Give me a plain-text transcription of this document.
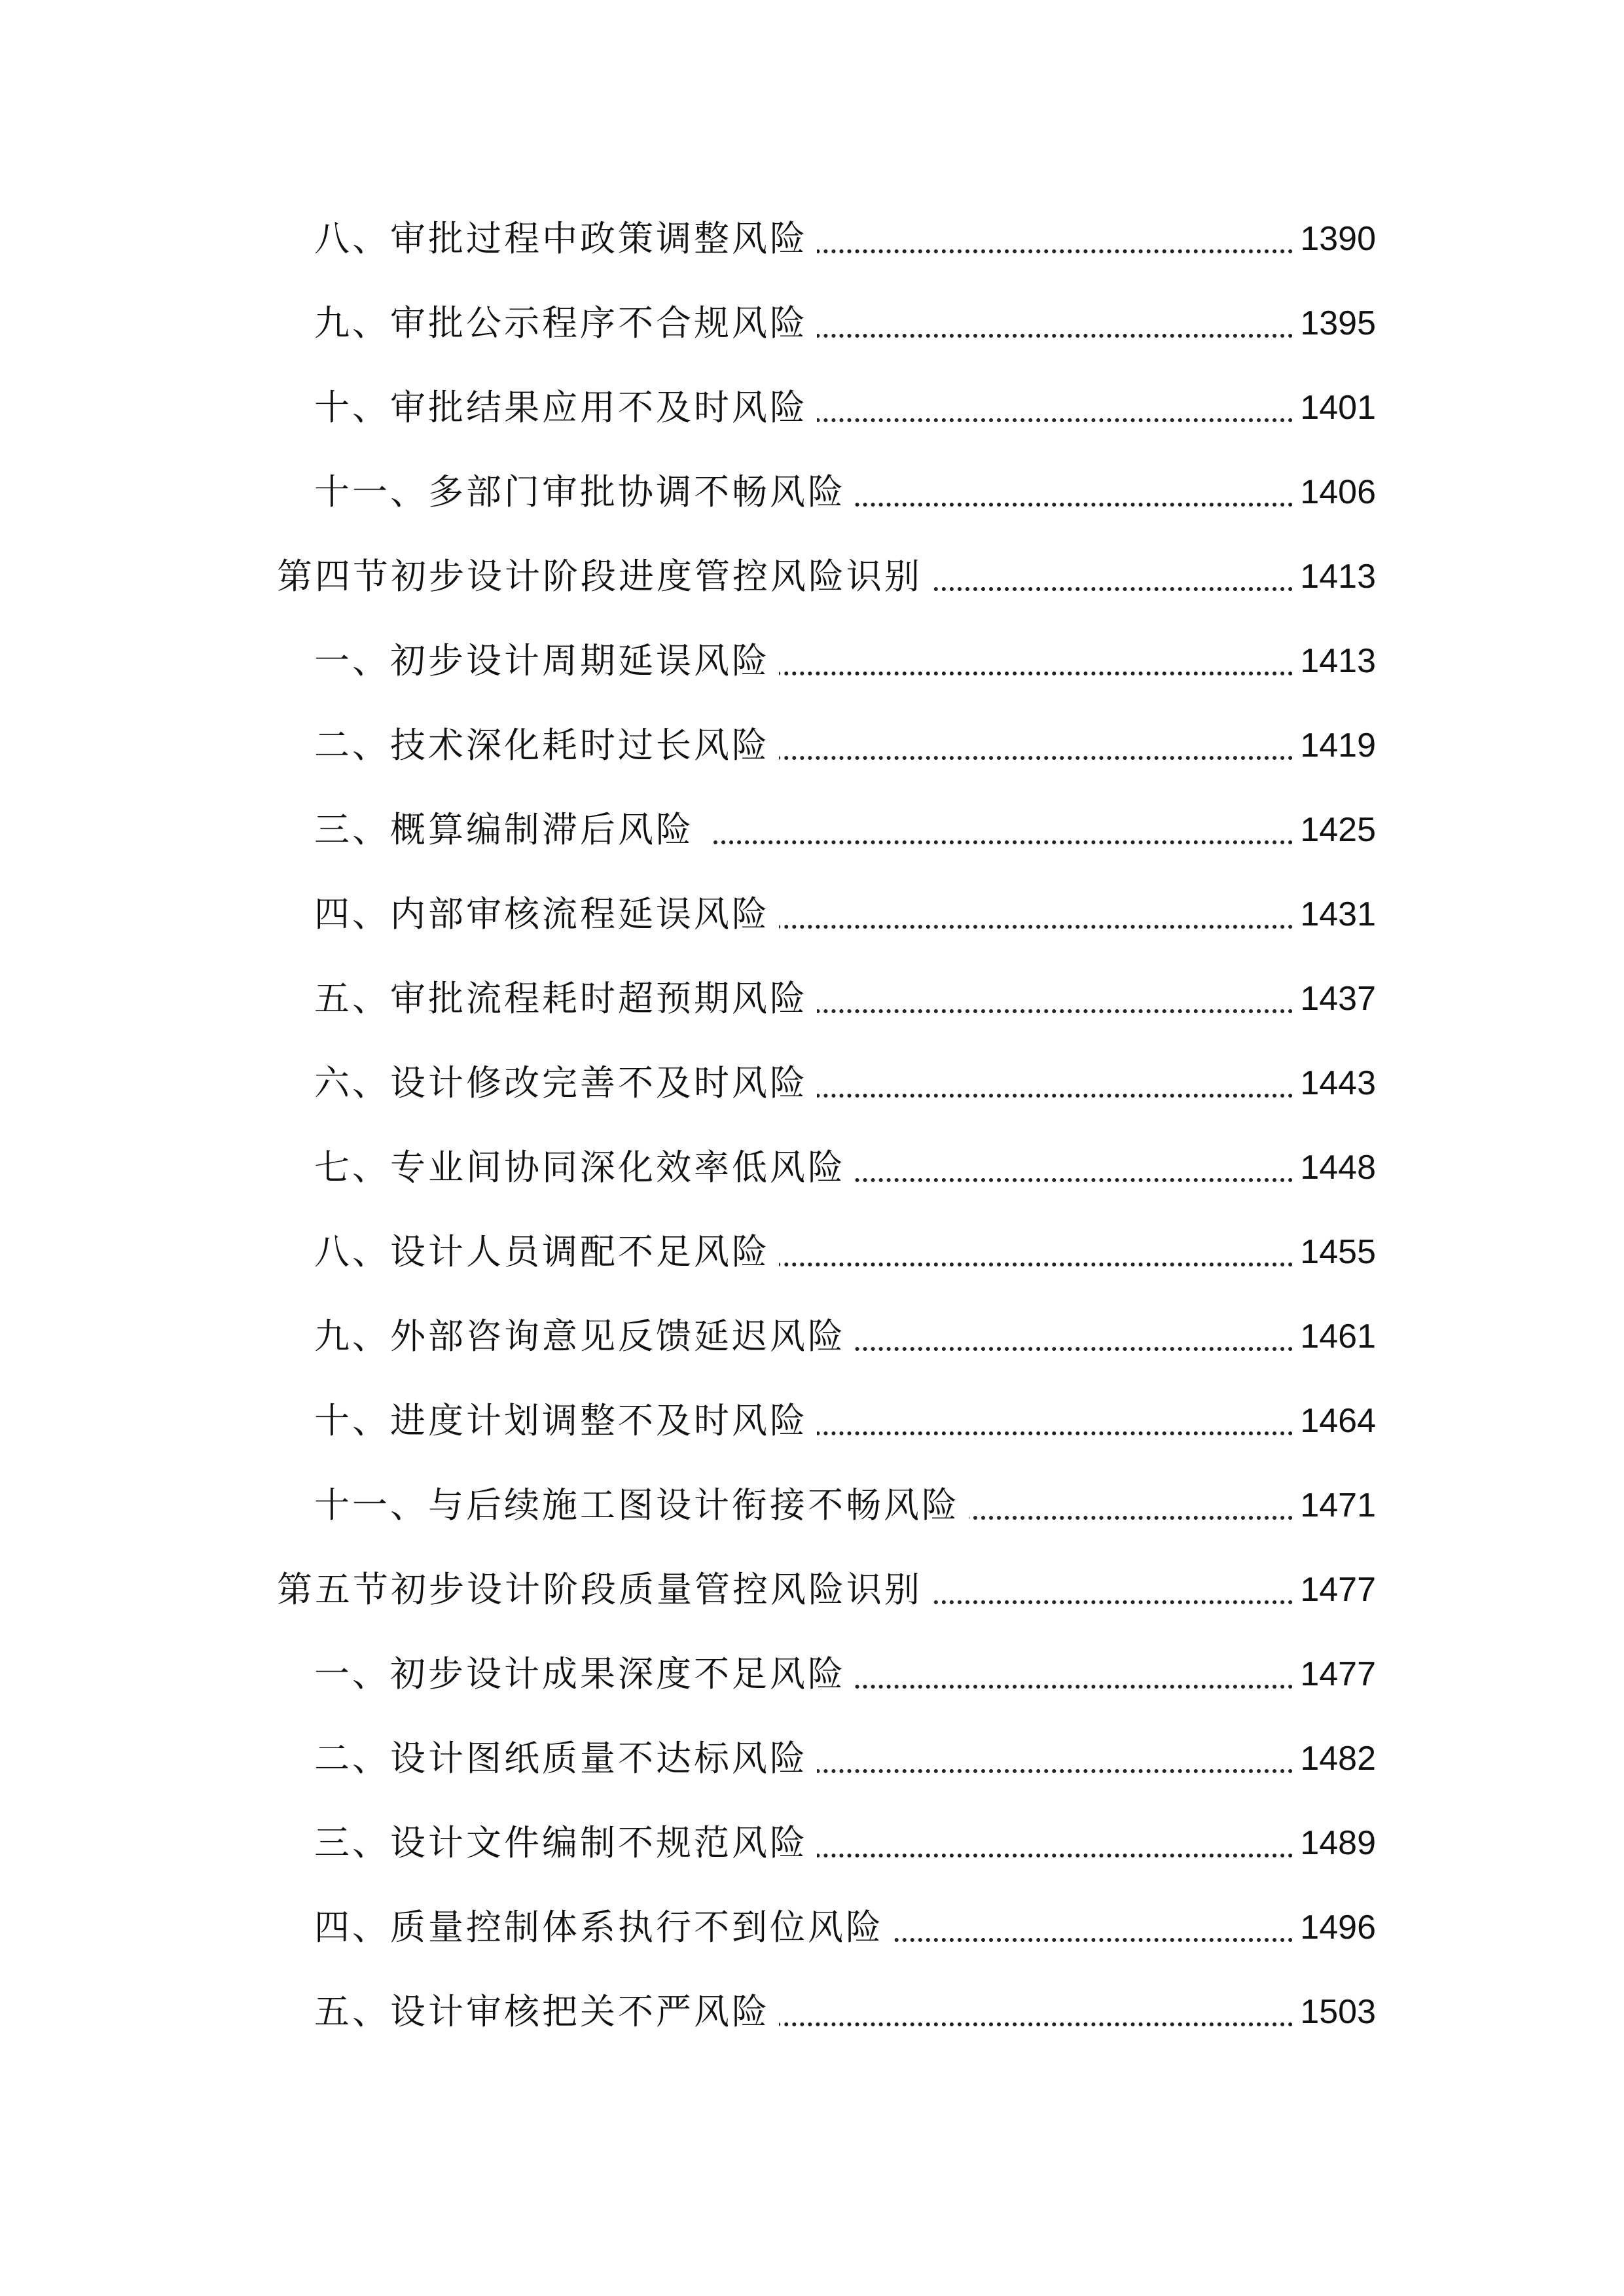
八、审批过程中政策调整风险	1390
九、审批公示程序不合规风险	1395
十、审批结果应用不及时风险	1401
十一、多部门审批协调不畅风险	1406
第四节初步设计阶段进度管控风险识别	1413
一、初步设计周期延误风险	1413
二、技术深化耗时过长风险	1419
三、概算编制滞后风险	1425
四、内部审核流程延误风险	1431
五、审批流程耗时超预期风险	1437
六、设计修改完善不及时风险	1443
七、专业间协同深化效率低风险	1448
八、设计人员调配不足风险	1455
九、外部咨询意见反馈延迟风险	1461
十、进度计划调整不及时风险	1464
十一、与后续施工图设计衔接不畅风险	1471
第五节初步设计阶段质量管控风险识别	1477
一、初步设计成果深度不足风险	1477
二、设计图纸质量不达标风险	1482
三、设计文件编制不规范风险	1489
四、质量控制体系执行不到位风险	1496
五、设计审核把关不严风险	1503
